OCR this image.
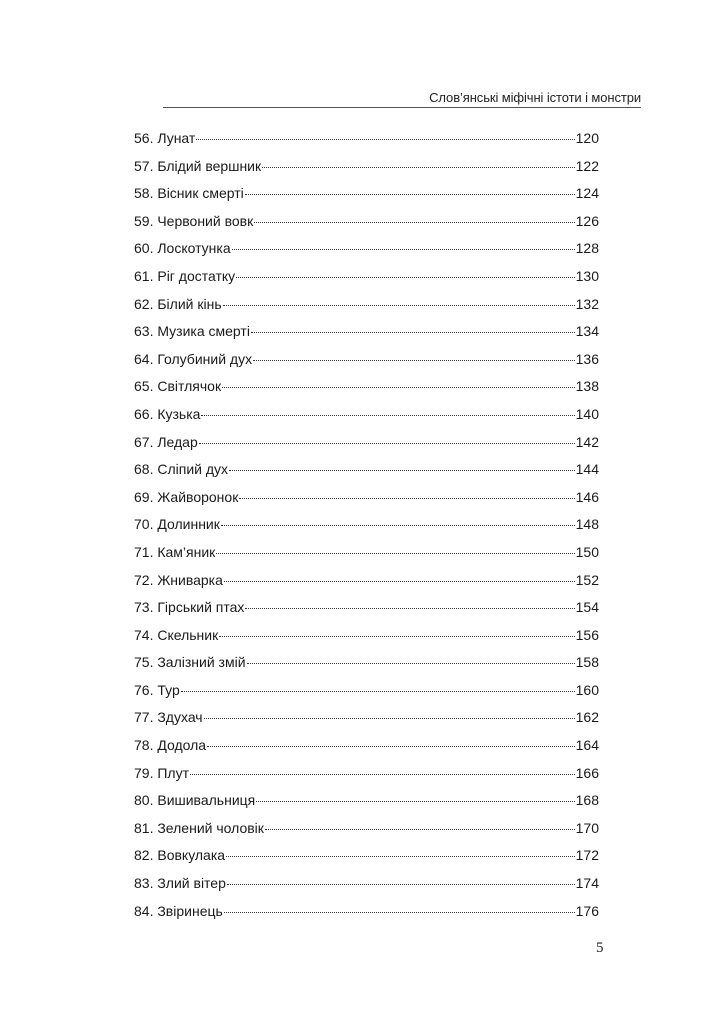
Слов’янські міфічні істоти і монстри
56. Лунат	120
57. Блідий вершник	122
58. Вісник смерті	124
59. Червоний вовк	126
60. Лоскотунка	128
61. Ріг достатку	130
62. Білий кінь	132
63. Музика смерті	134
64. Голубиний дух	136
65. Світлячок	138
66. Кузька	140
67. Ледар	142
68. Сліпий дух	144
69. Жайворонок	146
70. Долинник	148
71. Кам’яник	150
72. Жниварка	152
73. Гірський птах	154
74. Скельник	156
75. Залізний змій	158
76. Тур	160
77. Здухач	162
78. Додола	164
79. Плут	166
80. Вишивальниця	168
81. Зелений чоловік	170
82. Вовкулака	172
83. Злий вітер	174
84. Звіринець	176
5
